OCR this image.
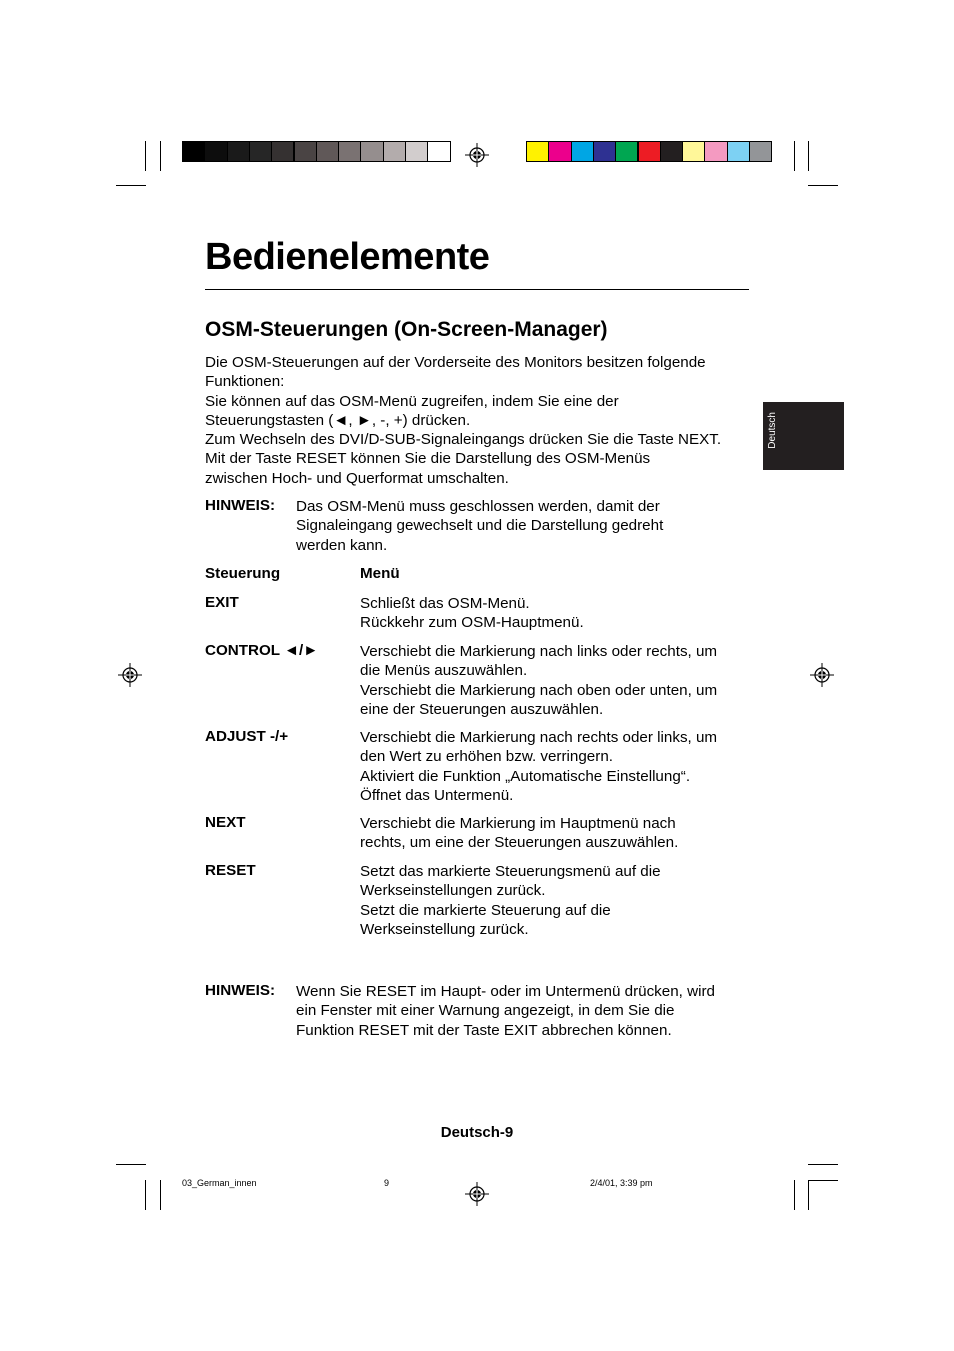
Deutsch
Bedienelemente
OSM-Steuerungen (On-Screen-Manager)
Die OSM-Steuerungen auf der Vorderseite des Monitors besitzen folgende
Funktionen:
Sie können auf das OSM-Menü zugreifen, indem Sie eine der
Steuerungstasten (◄, ►, -, +) drücken.
Zum Wechseln des DVI/D-SUB-Signaleingangs drücken Sie die Taste NEXT.
Mit der Taste RESET können Sie die Darstellung des OSM-Menüs
zwischen Hoch- und Querformat umschalten.
HINWEIS: Das OSM-Menü muss geschlossen werden, damit der
Signaleingang gewechselt und die Darstellung gedreht
werden kann.
Steuerung	Menü
EXIT	Schließt das OSM-Menü.
Rückkehr zum OSM-Hauptmenü.
CONTROL ◄/►	Verschiebt die Markierung nach links oder rechts, um
die Menüs auszuwählen.
Verschiebt die Markierung nach oben oder unten, um
eine der Steuerungen auszuwählen.
ADJUST -/+	Verschiebt die Markierung nach rechts oder links, um
den Wert zu erhöhen bzw. verringern.
Aktiviert die Funktion „Automatische Einstellung“.
Öffnet das Untermenü.
NEXT	Verschiebt die Markierung im Hauptmenü nach
rechts, um eine der Steuerungen auszuwählen.
RESET	Setzt das markierte Steuerungsmenü auf die
Werkseinstellungen zurück.
Setzt die markierte Steuerung auf die
Werkseinstellung zurück.
HINWEIS: Wenn Sie RESET im Haupt- oder im Untermenü drücken, wird
ein Fenster mit einer Warnung angezeigt, in dem Sie die
Funktion RESET mit der Taste EXIT abbrechen können.
Deutsch-9
03_German_innen	9	2/4/01, 3:39 pm
